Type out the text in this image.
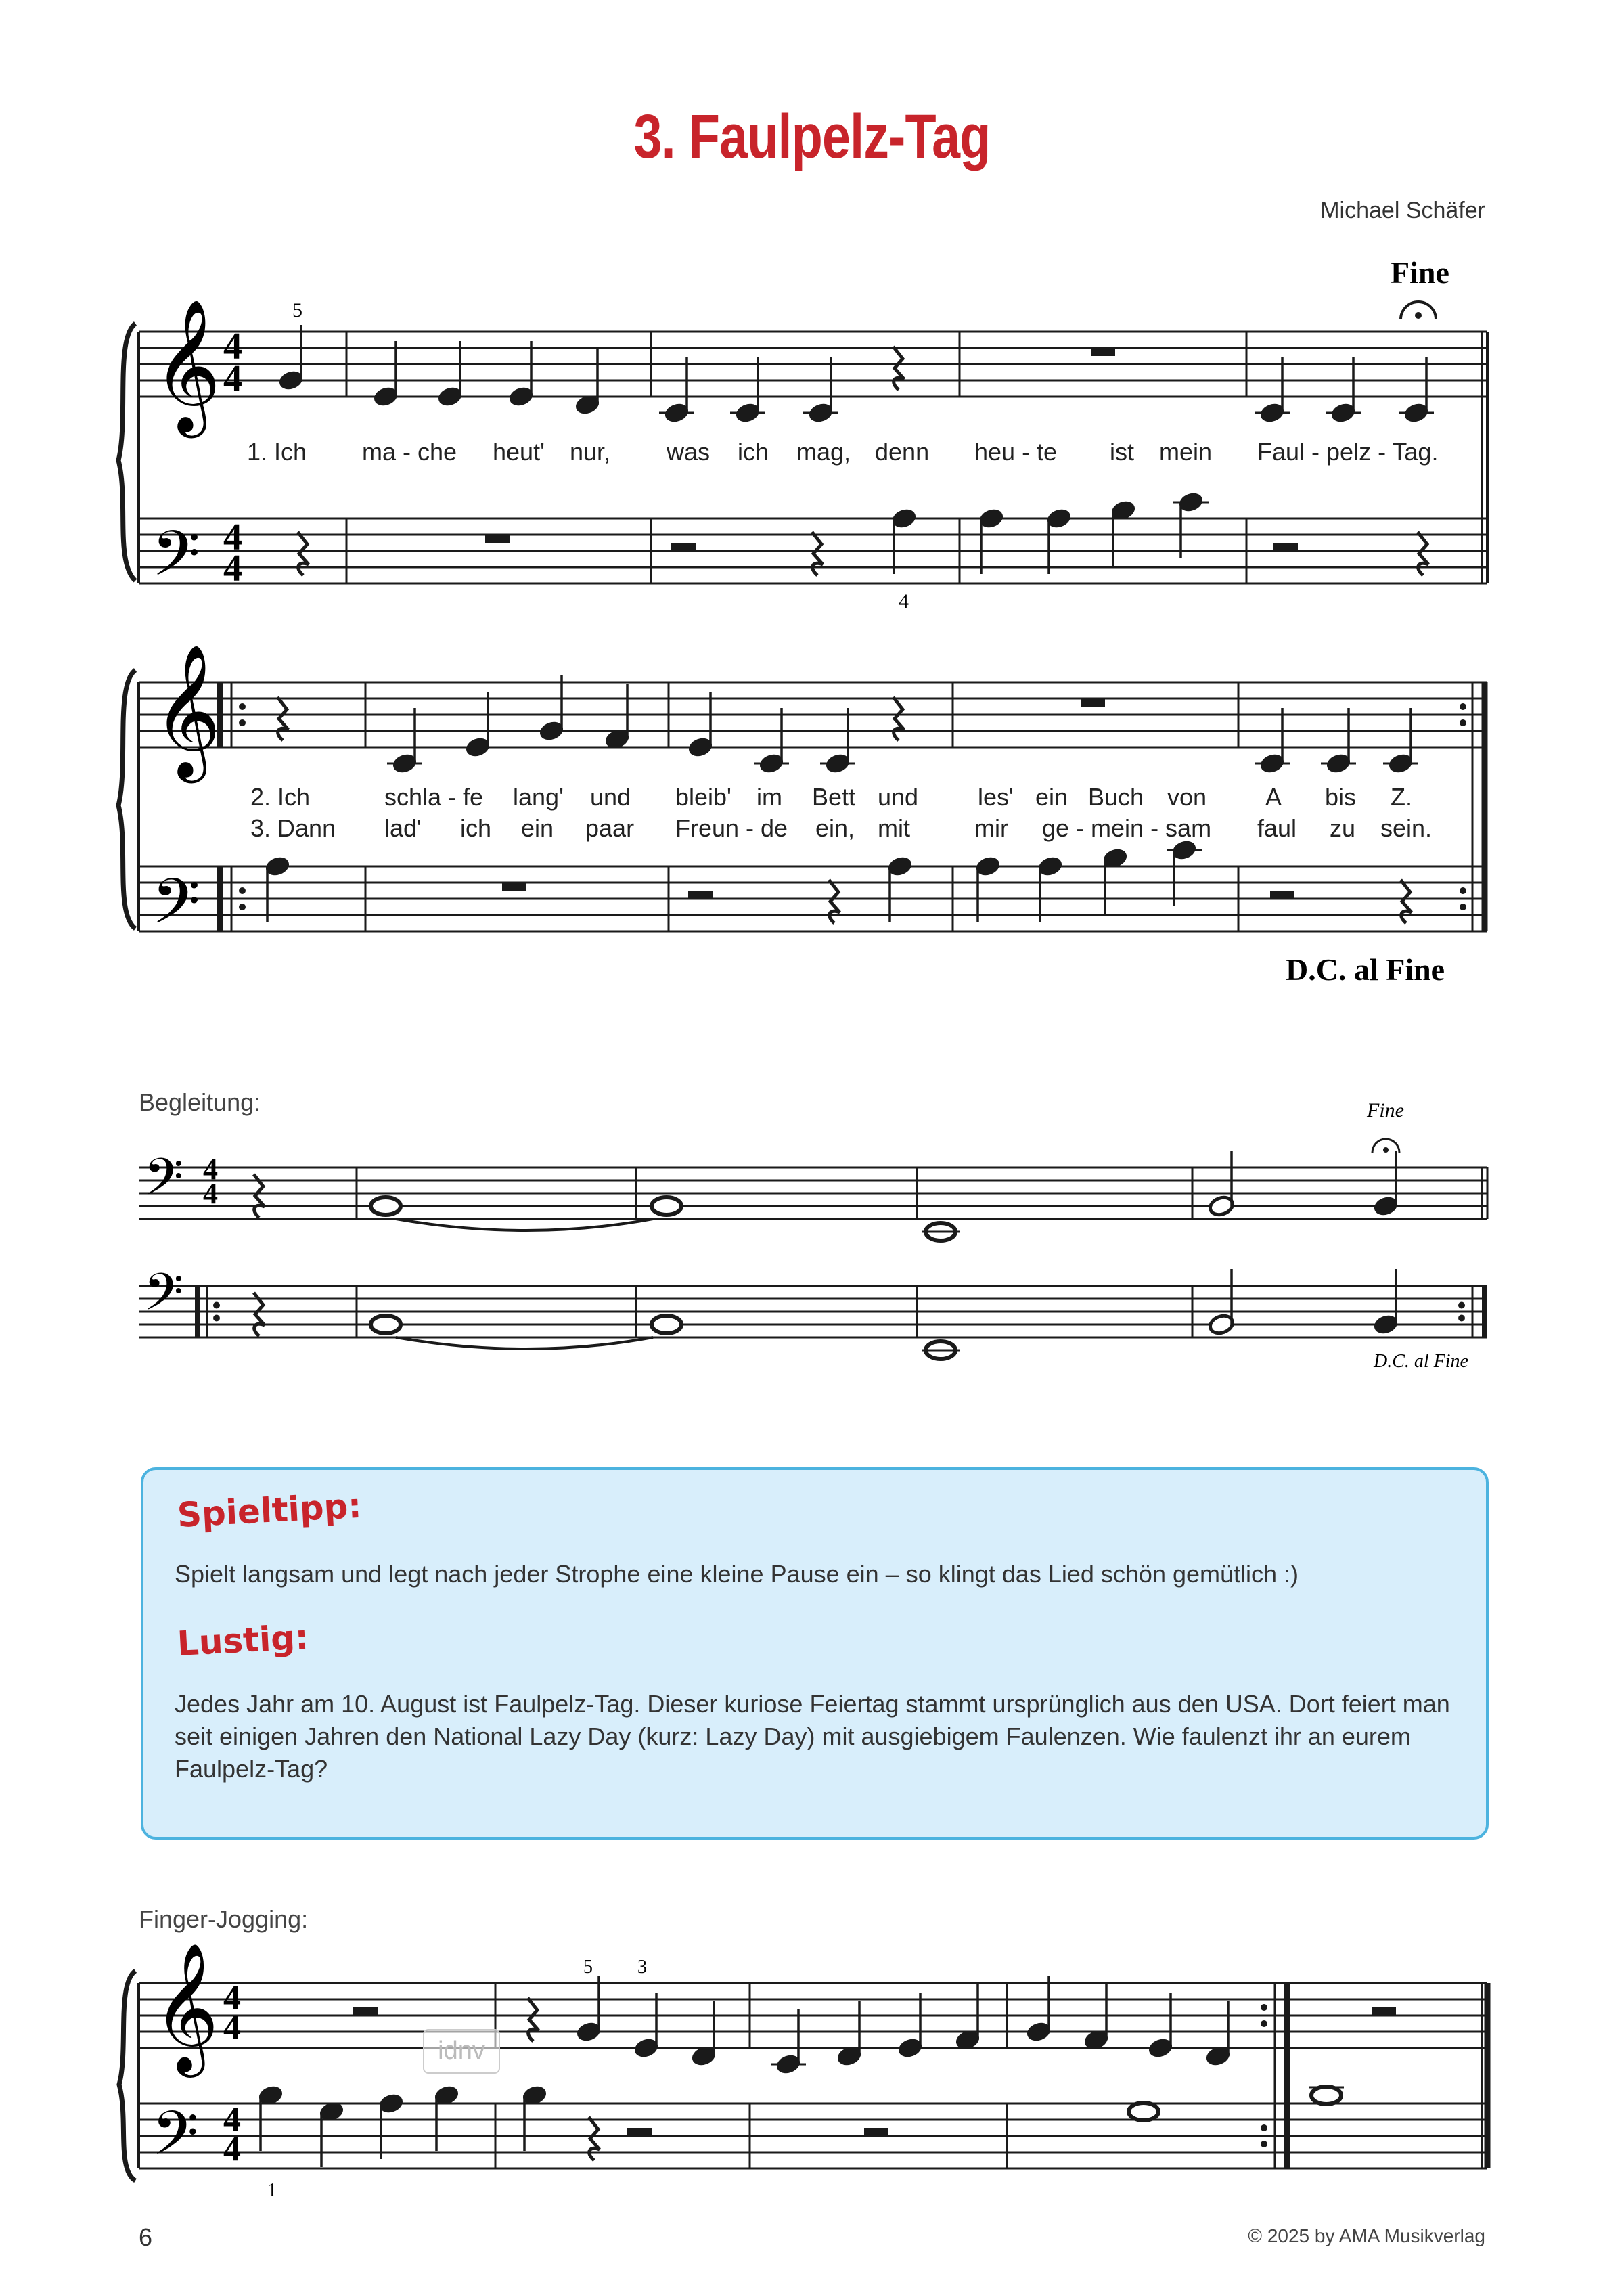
3. Faulpelz-Tag
Michael Schäfer
Fine
D.C. al Fine
5
4
4
4
4
4
Fine
D.C. al Fine
4
4
5 3
1
4
4
4
4
1. Ich ma - che heut' nur, was ich mag, denn heu - te ist mein Faul - pelz - Tag.
2. Ich	schla - fe lang' und bleib' im Bett und les' ein Buch von A bis Z.
3. Dann lad' ich ein paar Freun - de ein, mit	mir ge - mein - sam faul zu sein.
𝄞
𝄢
𝄞
𝄢
𝄢
𝄢
𝄞
𝄢
Begleitung:
Finger-Jogging:
Spieltipp:
Spielt langsam und legt nach jeder Strophe eine kleine Pause ein – so klingt das Lied schön gemütlich :)
Lustig:
Jedes Jahr am 10. August ist Faulpelz-Tag. Dieser kuriose Feiertag stammt ursprünglich aus den USA. Dort feiert man seit einigen Jahren den National Lazy Day (kurz: Lazy Day) mit ausgiebigem Faulenzen. Wie faulenzt ihr an eurem Faulpelz-Tag?
idnv
6	© 2025 by AMA Musikverlag
